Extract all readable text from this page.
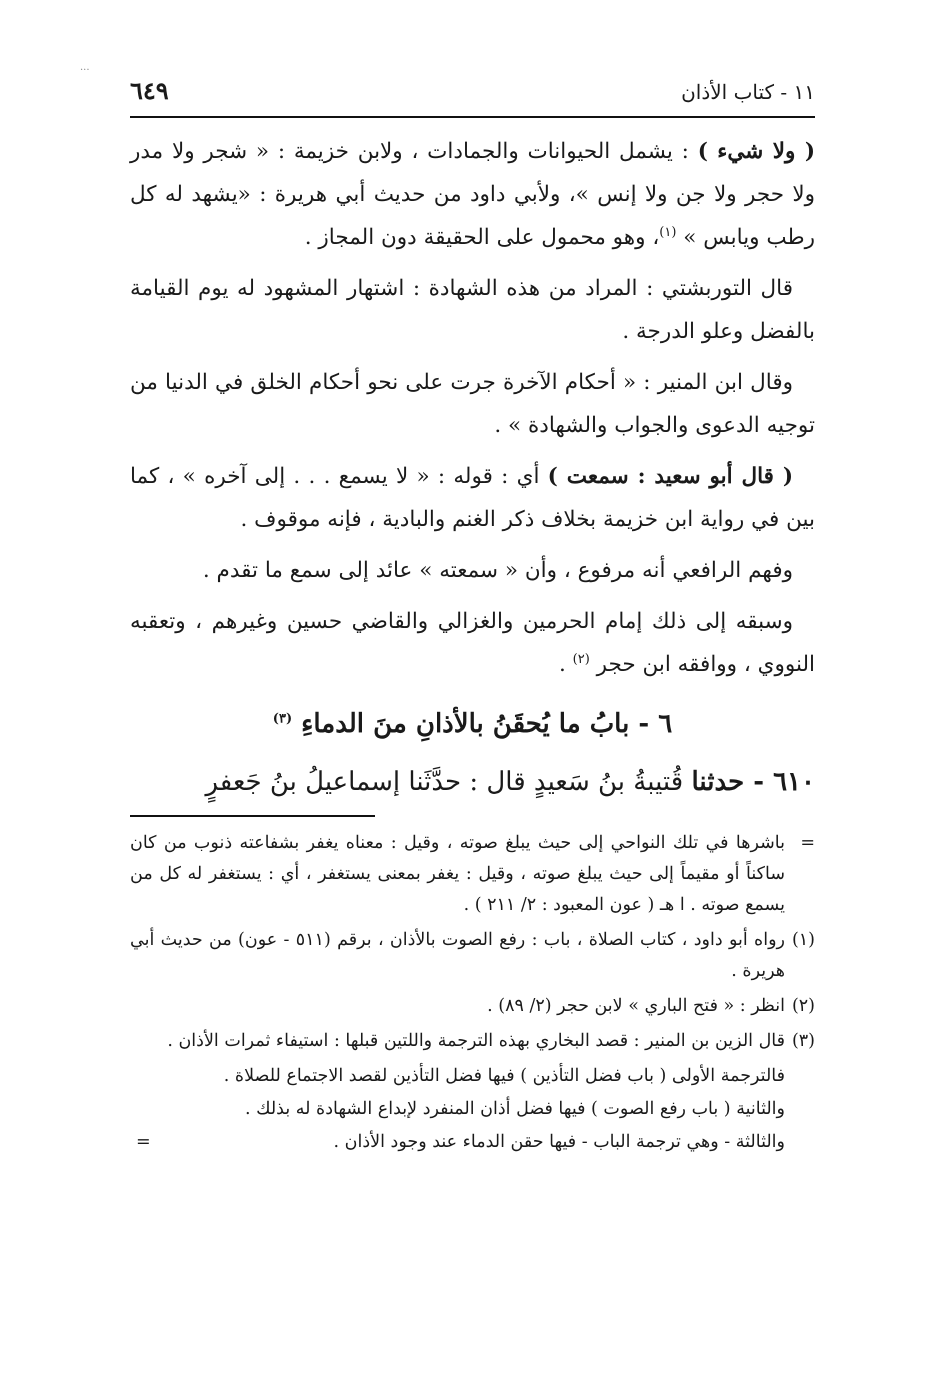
...
١١ - كتاب الأذان
٦٤٩

( ولا شيء ) : يشمل الحيوانات والجمادات ، ولابن خزيمة : « شجر ولا مدر ولا حجر ولا جن ولا إنس »، ولأبي داود من حديث أبي هريرة : «يشهد له كل رطب ويابس » $^{(١)}$، وهو محمول على الحقيقة دون المجاز .

قال التوربشتي : المراد من هذه الشهادة : اشتهار المشهود له يوم القيامة بالفضل وعلو الدرجة .

وقال ابن المنير : « أحكام الآخرة جرت على نحو أحكام الخلق في الدنيا من توجيه الدعوى والجواب والشهادة » .

( قال أبو سعيد : سمعت ) أي : قوله : « لا يسمع . . . إلى آخره » ، كما بين في رواية ابن خزيمة بخلاف ذكر الغنم والبادية ، فإنه موقوف .

وفهم الرافعي أنه مرفوع ، وأن « سمعته » عائد إلى سمع ما تقدم .

وسبقه إلى ذلك إمام الحرمين والغزالي والقاضي حسين وغيرهم ، وتعقبه النووي ، ووافقه ابن حجر $^{(٢)}$ .

٦ - بابُ ما يُحقَنُ بالأذانِ منَ الدماءِ $^{(٣)}$

٦١٠ - حدثنا قُتيبةُ بنُ سَعيدٍ قال : حدَّثَنا إسماعيلُ بنُ جَعفرٍ

=
باشرها في تلك النواحي إلى حيث يبلغ صوته ، وقيل : معناه يغفر بشفاعته ذنوب من كان ساكناً أو مقيماً إلى حيث يبلغ صوته ، وقيل : يغفر بمعنى يستغفر ، أي : يستغفر له كل من يسمع صوته . ا هـ ( عون المعبود : ٢/ ٢١١ ) .

(١)
رواه أبو داود ، كتاب الصلاة ، باب : رفع الصوت بالأذان ، برقم (٥١١ - عون) من حديث أبي هريرة .

(٢)
انظر : « فتح الباري » لابن حجر (٢/ ٨٩) .

(٣)
قال الزين بن المنير : قصد البخاري بهذه الترجمة واللتين قبلها : استيفاء ثمرات الأذان .

فالترجمة الأولى ( باب فضل التأذين ) فيها فضل التأذين لقصد الاجتماع للصلاة .

والثانية ( باب رفع الصوت ) فيها فضل أذان المنفرد لإبداع الشهادة له بذلك .

والثالثة - وهي ترجمة الباب - فيها حقن الدماء عند وجود الأذان .
=
